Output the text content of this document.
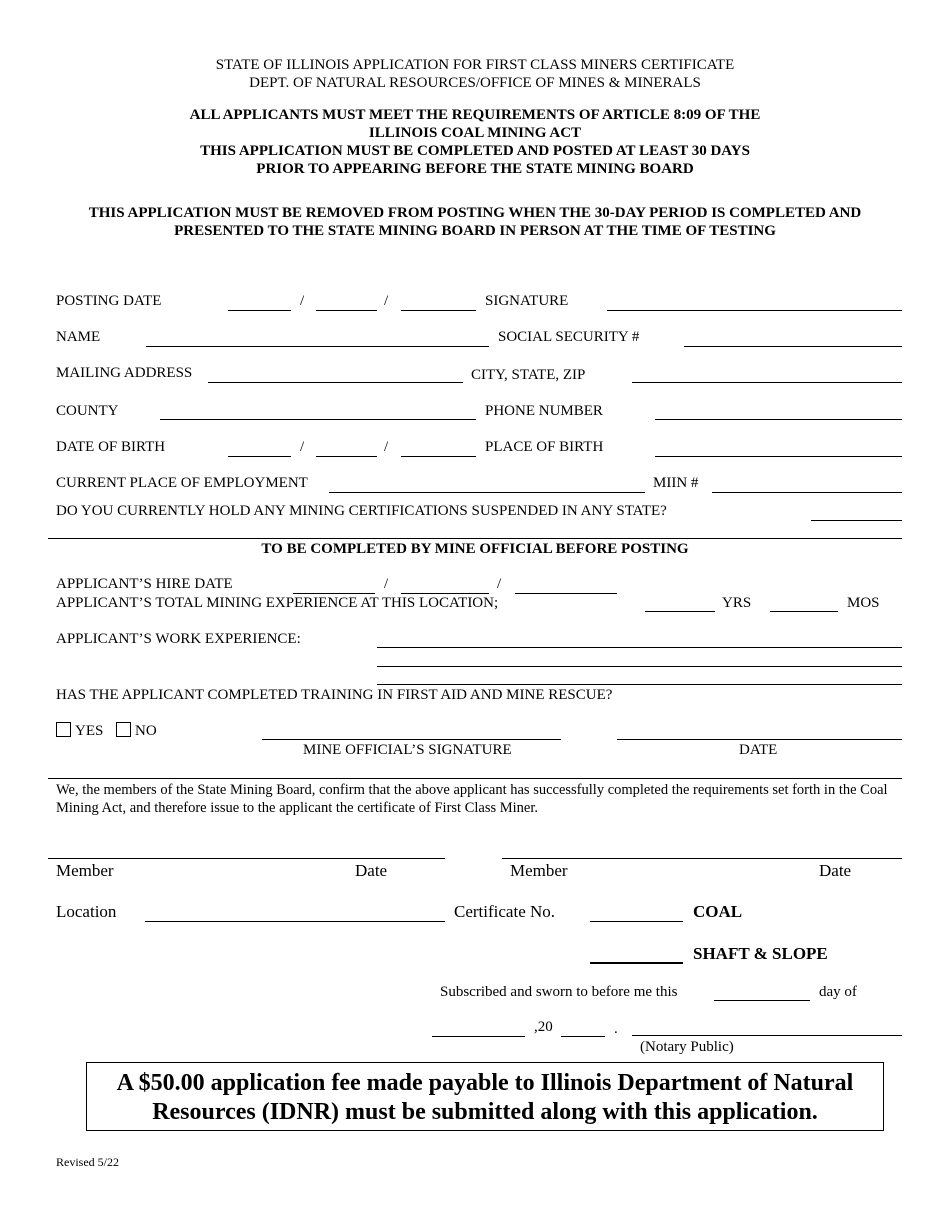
STATE OF ILLINOIS APPLICATION FOR FIRST CLASS MINERS CERTIFICATE
DEPT. OF NATURAL RESOURCES/OFFICE OF MINES & MINERALS
ALL APPLICANTS MUST MEET THE REQUIREMENTS OF ARTICLE 8:09 OF THE
ILLINOIS COAL MINING ACT
THIS APPLICATION MUST BE COMPLETED AND POSTED AT LEAST 30 DAYS
PRIOR TO APPEARING BEFORE THE STATE MINING BOARD
THIS APPLICATION MUST BE REMOVED FROM POSTING WHEN THE 30-DAY PERIOD IS COMPLETED AND
PRESENTED TO THE STATE MINING BOARD IN PERSON AT THE TIME OF TESTING
POSTING DATE	/	/	SIGNATURE
NAME	SOCIAL SECURITY #
MAILING ADDRESS	CITY, STATE, ZIP
COUNTY	PHONE NUMBER
DATE OF BIRTH	/	/	PLACE OF BIRTH
CURRENT PLACE OF EMPLOYMENT	MIIN #
DO YOU CURRENTLY HOLD ANY MINING CERTIFICATIONS SUSPENDED IN ANY STATE?
TO BE COMPLETED BY MINE OFFICIAL BEFORE POSTING
APPLICANT’S HIRE DATE	/	/
APPLICANT’S TOTAL MINING EXPERIENCE AT THIS LOCATION;	YRS	MOS
APPLICANT’S WORK EXPERIENCE:
HAS THE APPLICANT COMPLETED TRAINING IN FIRST AID AND MINE RESCUE?
YES	NO
MINE OFFICIAL’S SIGNATURE	DATE
We, the members of the State Mining Board, confirm that the above applicant has successfully completed the requirements set forth in the Coal Mining Act, and therefore issue to the applicant the certificate of First Class Miner.
Member	Date	Member	Date
Location	Certificate No.	COAL
SHAFT & SLOPE
Subscribed and sworn to before me this	day of
,20	.
(Notary Public)
A $50.00 application fee made payable to Illinois Department of Natural Resources (IDNR) must be submitted along with this application.
Revised 5/22
